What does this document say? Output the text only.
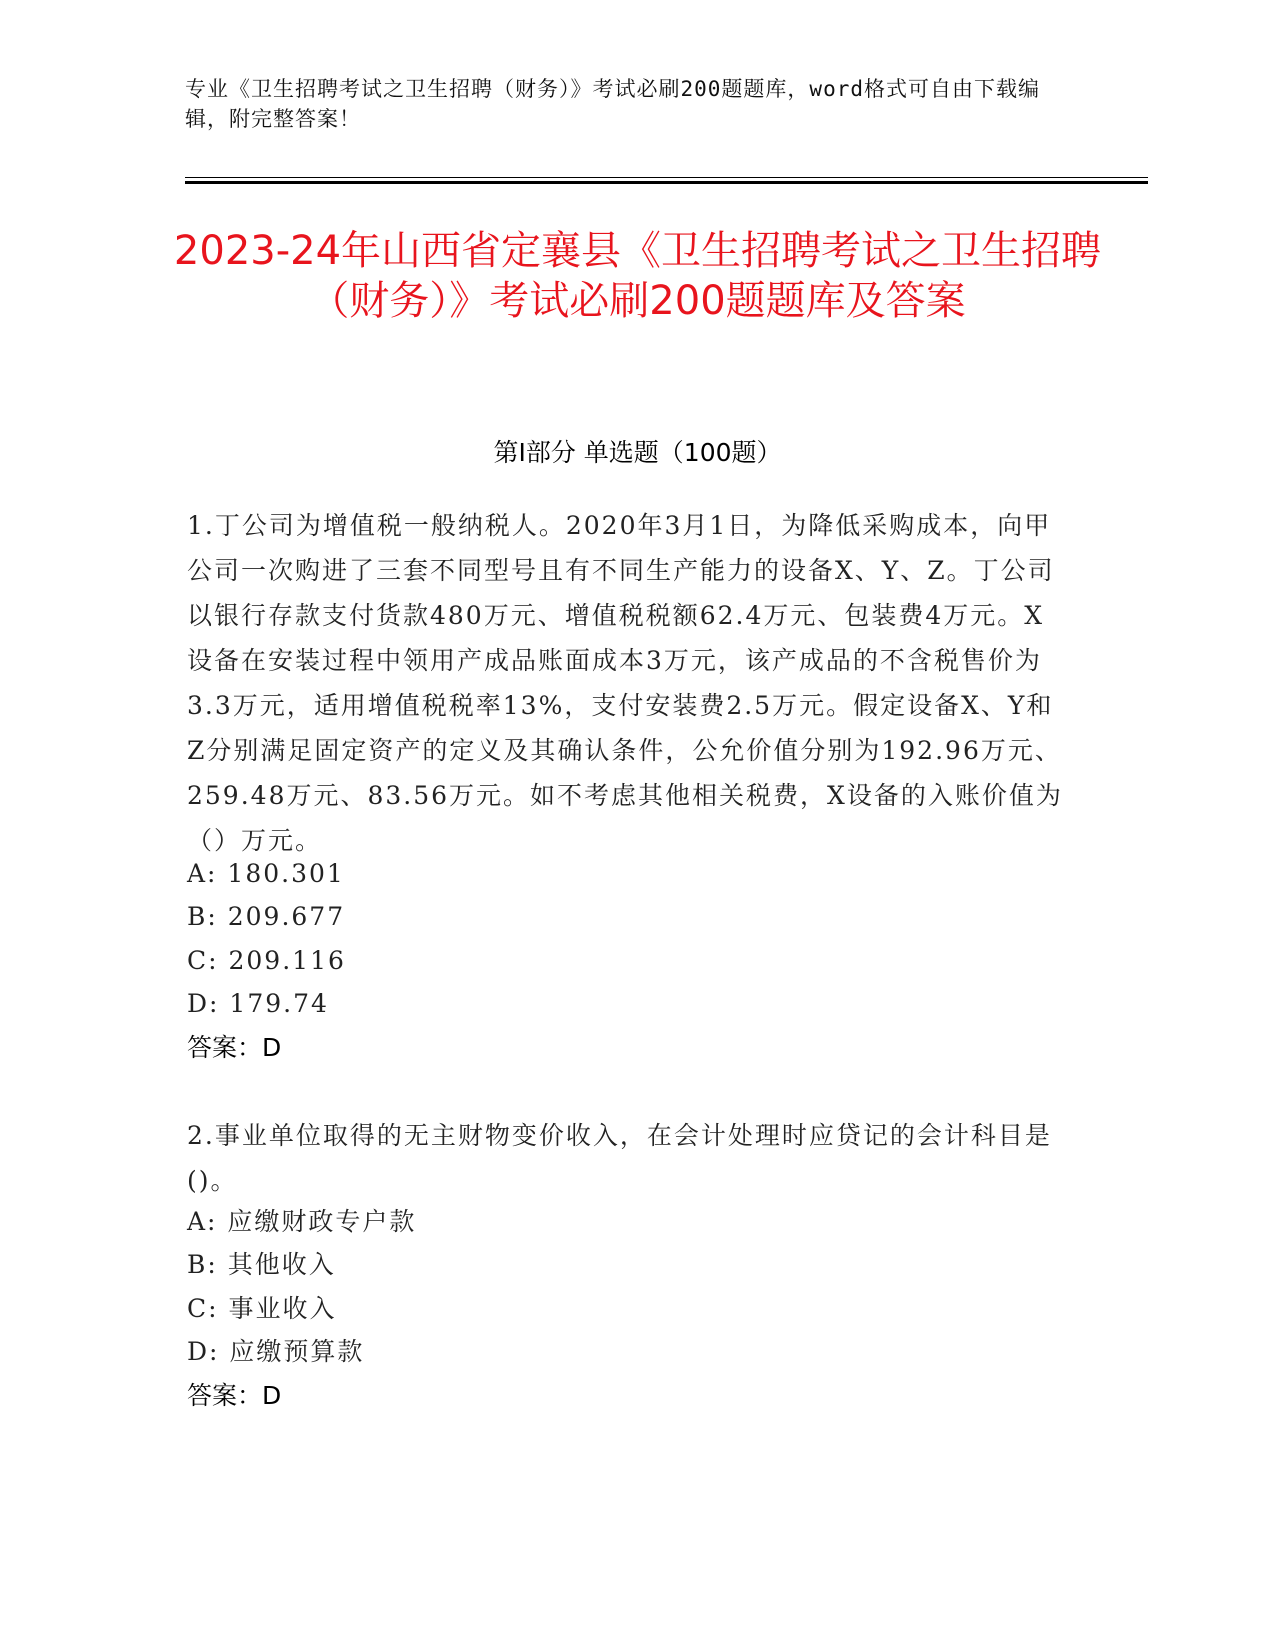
专业《卫生招聘考试之卫生招聘（财务）》考试必刷200题题库，word格式可自由下载编辑，附完整答案！
2023-24年山西省定襄县《卫生招聘考试之卫生招聘（财务）》考试必刷200题题库及答案
第I部分 单选题（100题）
1.丁公司为增值税一般纳税人。2020年3月1日，为降低采购成本，向甲公司一次购进了三套不同型号且有不同生产能力的设备X、Y、Z。丁公司以银行存款支付货款480万元、增值税税额62.4万元、包装费4万元。X设备在安装过程中领用产成品账面成本3万元，该产成品的不含税售价为3.3万元，适用增值税税率13%，支付安装费2.5万元。假定设备X、Y和Z分别满足固定资产的定义及其确认条件，公允价值分别为192.96万元、259.48万元、83.56万元。如不考虑其他相关税费，X设备的入账价值为（）万元。
A: 180.301
B: 209.677
C: 209.116
D: 179.74
答案：D
2.事业单位取得的无主财物变价收入，在会计处理时应贷记的会计科目是()。
A: 应缴财政专户款
B: 其他收入
C: 事业收入
D: 应缴预算款
答案：D
